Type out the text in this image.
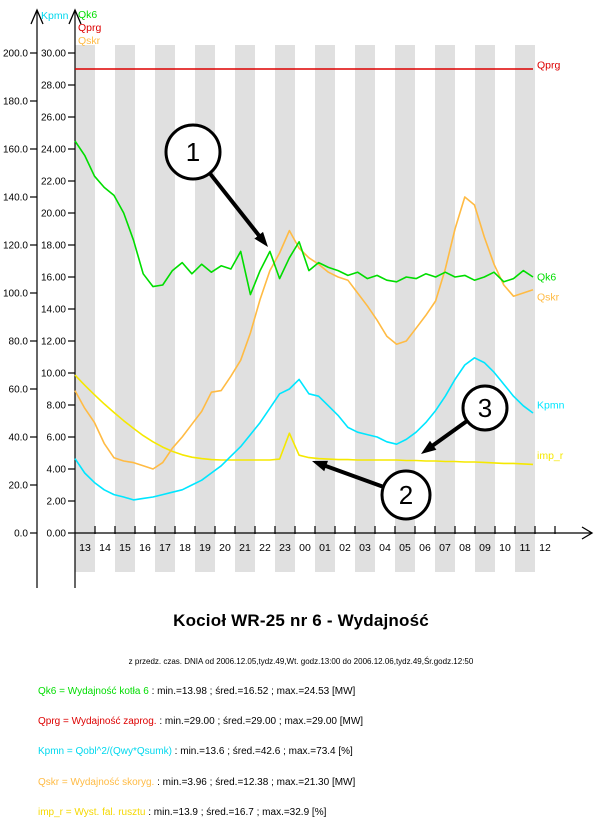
0.0
20.0
40.0
60.0
80.0
100.0
120.0
140.0
160.0
180.0
200.0
Kpmn
0.00
2.00
4.00
6.00
8.00
10.00
12.00
14.00
16.00
18.00
20.00
22.00
24.00
26.00
28.00
30.00
Qk6
Qprg
Qskr
13 14 15 16 17 18 19 20 21 22 23 00 01 02 03 04 05 06 07 08 09 10 11 12
Qprg
imp_r
Qskr
Qk6
Kpmn
1
2
3
Kocioł WR-25 nr 6 - Wydajność
z przedz. czas. DNIA od 2006.12.05,tydz.49,Wt. godz.13:00 do 2006.12.06,tydz.49,Śr.godz.12:50
Qk6 = Wydajność kotła 6 : min.=13.98 ; śred.=16.52 ; max.=24.53 [MW]
Qprg = Wydajność zaprog. : min.=29.00 ; śred.=29.00 ; max.=29.00 [MW]
Kpmn = Qobl^2/(Qwy*Qsumk) : min.=13.6 ; śred.=42.6 ; max.=73.4 [%]
Qskr = Wydajność skoryg. : min.=3.96 ; śred.=12.38 ; max.=21.30 [MW]
imp_r = Wyst. fal. rusztu : min.=13.9 ; śred.=16.7 ; max.=32.9 [%]
